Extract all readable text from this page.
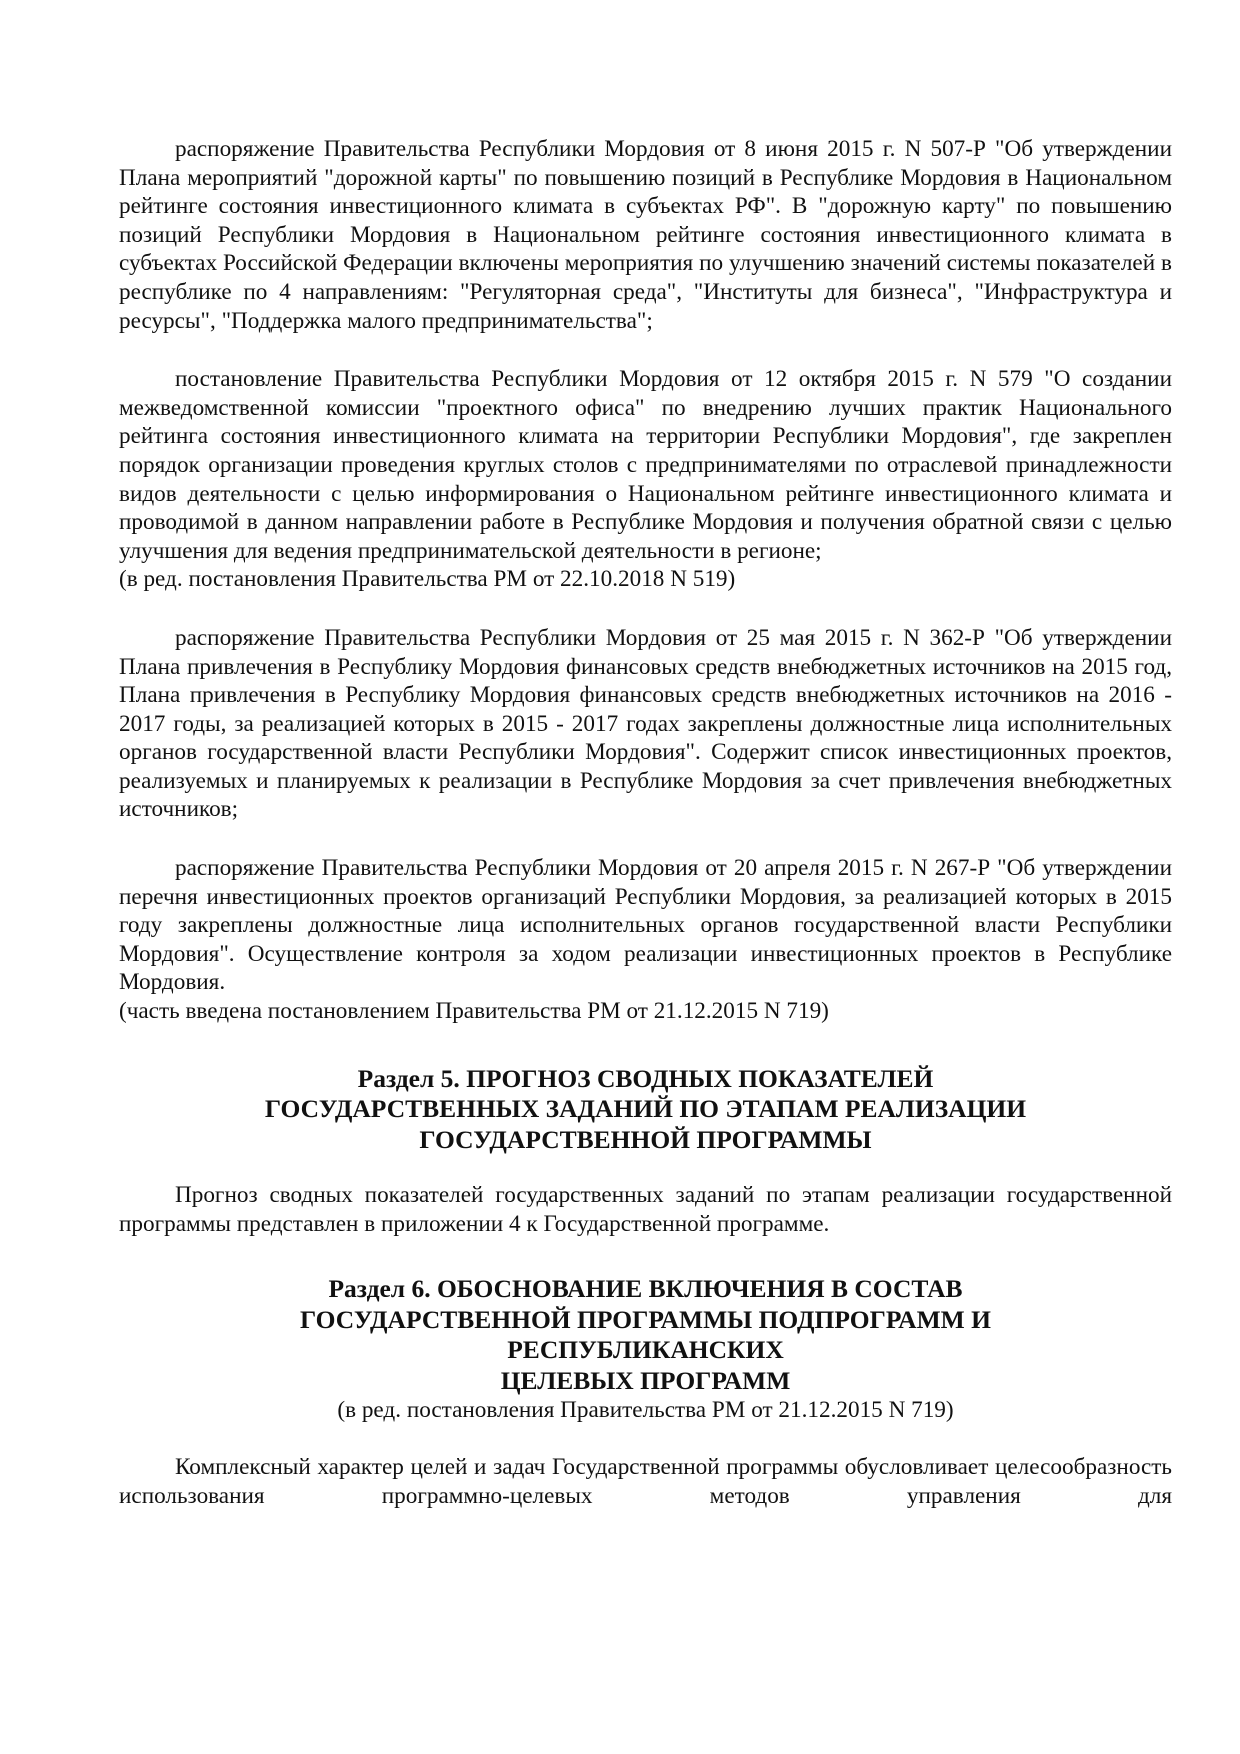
распоряжение Правительства Республики Мордовия от 8 июня 2015 г. N 507-Р "Об утверждении Плана мероприятий "дорожной карты" по повышению позиций в Республике Мордовия в Национальном рейтинге состояния инвестиционного климата в субъектах РФ". В "дорожную карту" по повышению позиций Республики Мордовия в Национальном рейтинге состояния инвестиционного климата в субъектах Российской Федерации включены мероприятия по улучшению значений системы показателей в республике по 4 направлениям: "Регуляторная среда", "Институты для бизнеса", "Инфраструктура и ресурсы", "Поддержка малого предпринимательства";

постановление Правительства Республики Мордовия от 12 октября 2015 г. N 579 "О создании межведомственной комиссии "проектного офиса" по внедрению лучших практик Национального рейтинга состояния инвестиционного климата на территории Республики Мордовия", где закреплен порядок организации проведения круглых столов с предпринимателями по отраслевой принадлежности видов деятельности с целью информирования о Национальном рейтинге инвестиционного климата и проводимой в данном направлении работе в Республике Мордовия и получения обратной связи с целью улучшения для ведения предпринимательской деятельности в регионе;

(в ред. постановления Правительства РМ от 22.10.2018 N 519)

распоряжение Правительства Республики Мордовия от 25 мая 2015 г. N 362-Р "Об утверждении Плана привлечения в Республику Мордовия финансовых средств внебюджетных источников на 2015 год, Плана привлечения в Республику Мордовия финансовых средств внебюджетных источников на 2016 - 2017 годы, за реализацией которых в 2015 - 2017 годах закреплены должностные лица исполнительных органов государственной власти Республики Мордовия". Содержит список инвестиционных проектов, реализуемых и планируемых к реализации в Республике Мордовия за счет привлечения внебюджетных источников;

распоряжение Правительства Республики Мордовия от 20 апреля 2015 г. N 267-Р "Об утверждении перечня инвестиционных проектов организаций Республики Мордовия, за реализацией которых в 2015 году закреплены должностные лица исполнительных органов государственной власти Республики Мордовия". Осуществление контроля за ходом реализации инвестиционных проектов в Республике Мордовия.

(часть введена постановлением Правительства РМ от 21.12.2015 N 719)

Раздел 5. ПРОГНОЗ СВОДНЫХ ПОКАЗАТЕЛЕЙ
ГОСУДАРСТВЕННЫХ ЗАДАНИЙ ПО ЭТАПАМ РЕАЛИЗАЦИИ
ГОСУДАРСТВЕННОЙ ПРОГРАММЫ

Прогноз сводных показателей государственных заданий по этапам реализации государственной программы представлен в приложении 4 к Государственной программе.

Раздел 6. ОБОСНОВАНИЕ ВКЛЮЧЕНИЯ В СОСТАВ
ГОСУДАРСТВЕННОЙ ПРОГРАММЫ ПОДПРОГРАММ И
РЕСПУБЛИКАНСКИХ
ЦЕЛЕВЫХ ПРОГРАММ

(в ред. постановления Правительства РМ от 21.12.2015 N 719)

Комплексный характер целей и задач Государственной программы обусловливает целесообразность использования программно-целевых методов управления для
